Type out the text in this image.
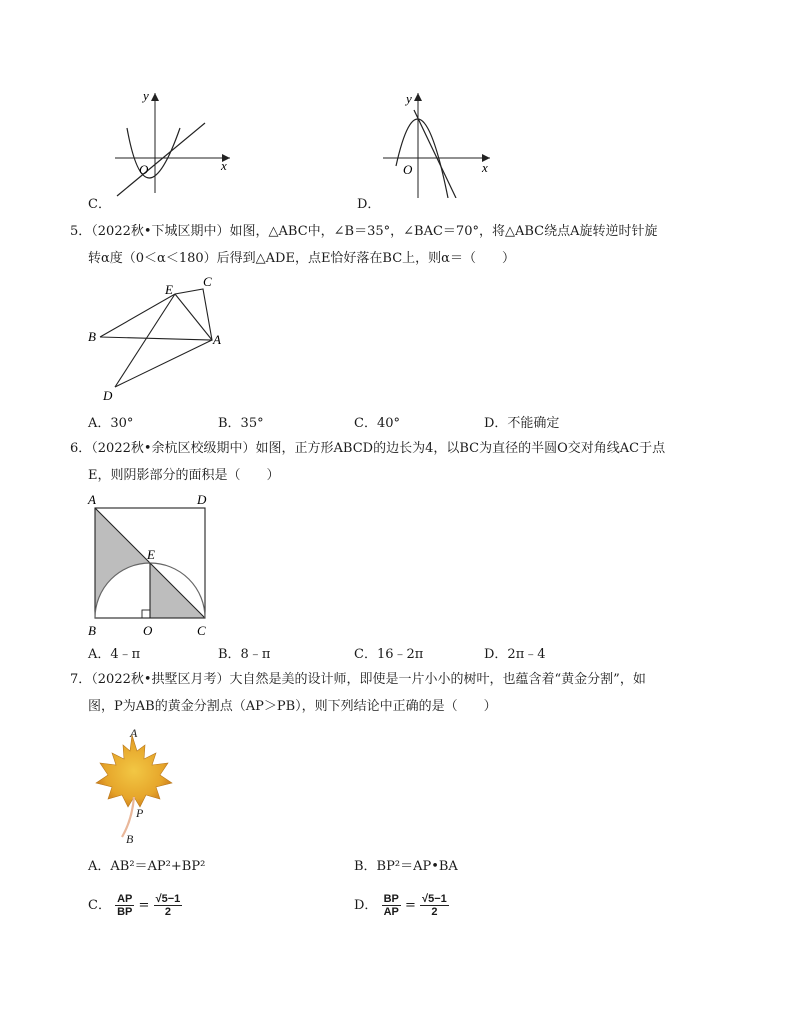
y
x
O
C．
y
x
O
D．
5．（2022秋•下城区期中）如图，△ABC中，∠B＝35°，∠BAC＝70°，将△ABC绕点A旋转逆时针旋
转α度（0＜α＜180）后得到△ADE，点E恰好落在BC上，则α＝（　　）
B
E
C
A
D
A．30°	B．35°	C．40°	D．不能确定
6．（2022秋•余杭区校级期中）如图，正方形ABCD的边长为4，以BC为直径的半圆O交对角线AC于点
E，则阴影部分的面积是（　　）
A	D
E
B	O	C
A．4﹣π	B．8﹣π	C．16﹣2π	D．2π﹣4
7．（2022秋•拱墅区月考）大自然是美的设计师，即使是一片小小的树叶，也蕴含着“黄金分割”，如
图，P为AB的黄金分割点（AP＞PB），则下列结论中正确的是（　　）
A
P
B
A．AB²＝AP²+BP²	B．BP²＝AP•BA
C． $\frac{AP}{BP} = \frac{√5-1}{2}$	D． $\frac{BP}{AP} = \frac{√5-1}{2}$
